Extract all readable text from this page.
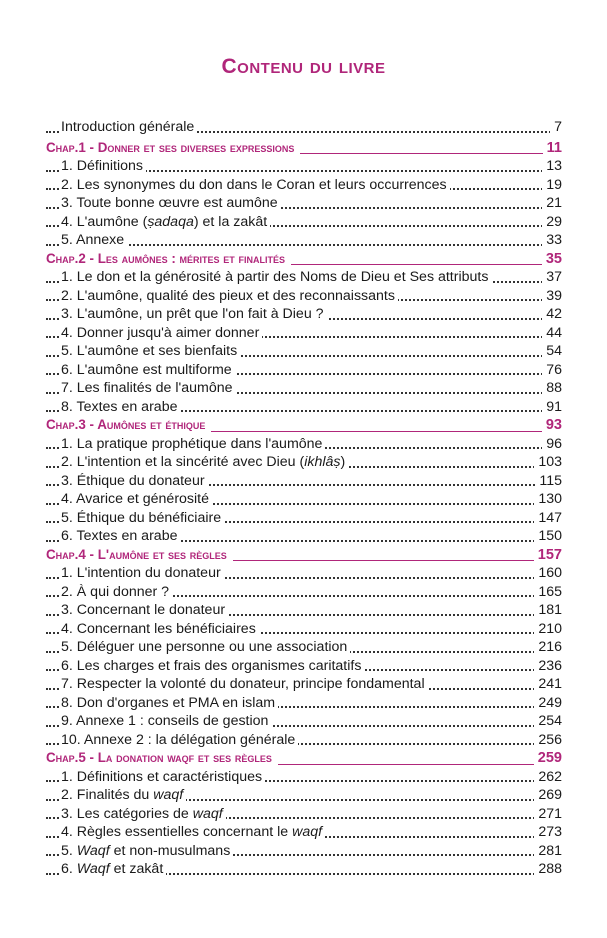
Contenu du livre
Introduction générale	7
Chap.1 - Donner et ses diverses expressions	11
1. Définitions	13
2. Les synonymes du don dans le Coran et leurs occurrences	19
3. Toute bonne œuvre est aumône	21
4. L'aumône (ṣadaqa) et la zakât	29
5. Annexe	33
Chap.2 - Les aumônes : mérites et finalités	35
1. Le don et la générosité à partir des Noms de Dieu et Ses attributs	37
2. L'aumône, qualité des pieux et des reconnaissants	39
3. L'aumône, un prêt que l'on fait à Dieu ?	42
4. Donner jusqu'à aimer donner	44
5. L'aumône et ses bienfaits	54
6. L'aumône est multiforme	76
7. Les finalités de l'aumône	88
8. Textes en arabe	91
Chap.3 - Aumônes et éthique	93
1. La pratique prophétique dans l'aumône	96
2. L'intention et la sincérité avec Dieu (ikhlâṣ)	103
3. Éthique du donateur	115
4. Avarice et générosité	130
5. Éthique du bénéficiaire	147
6. Textes en arabe	150
Chap.4 - L'aumône et ses règles	157
1. L'intention du donateur	160
2. À qui donner ?	165
3. Concernant le donateur	181
4. Concernant les bénéficiaires	210
5. Déléguer une personne ou une association	216
6. Les charges et frais des organismes caritatifs	236
7. Respecter la volonté du donateur, principe fondamental	241
8. Don d'organes et PMA en islam	249
9. Annexe 1 : conseils de gestion	254
10. Annexe 2 : la délégation générale	256
Chap.5 - La donation waqf et ses règles	259
1. Définitions et caractéristiques	262
2. Finalités du waqf	269
3. Les catégories de waqf	271
4. Règles essentielles concernant le waqf	273
5. Waqf et non-musulmans	281
6. Waqf et zakât	288
